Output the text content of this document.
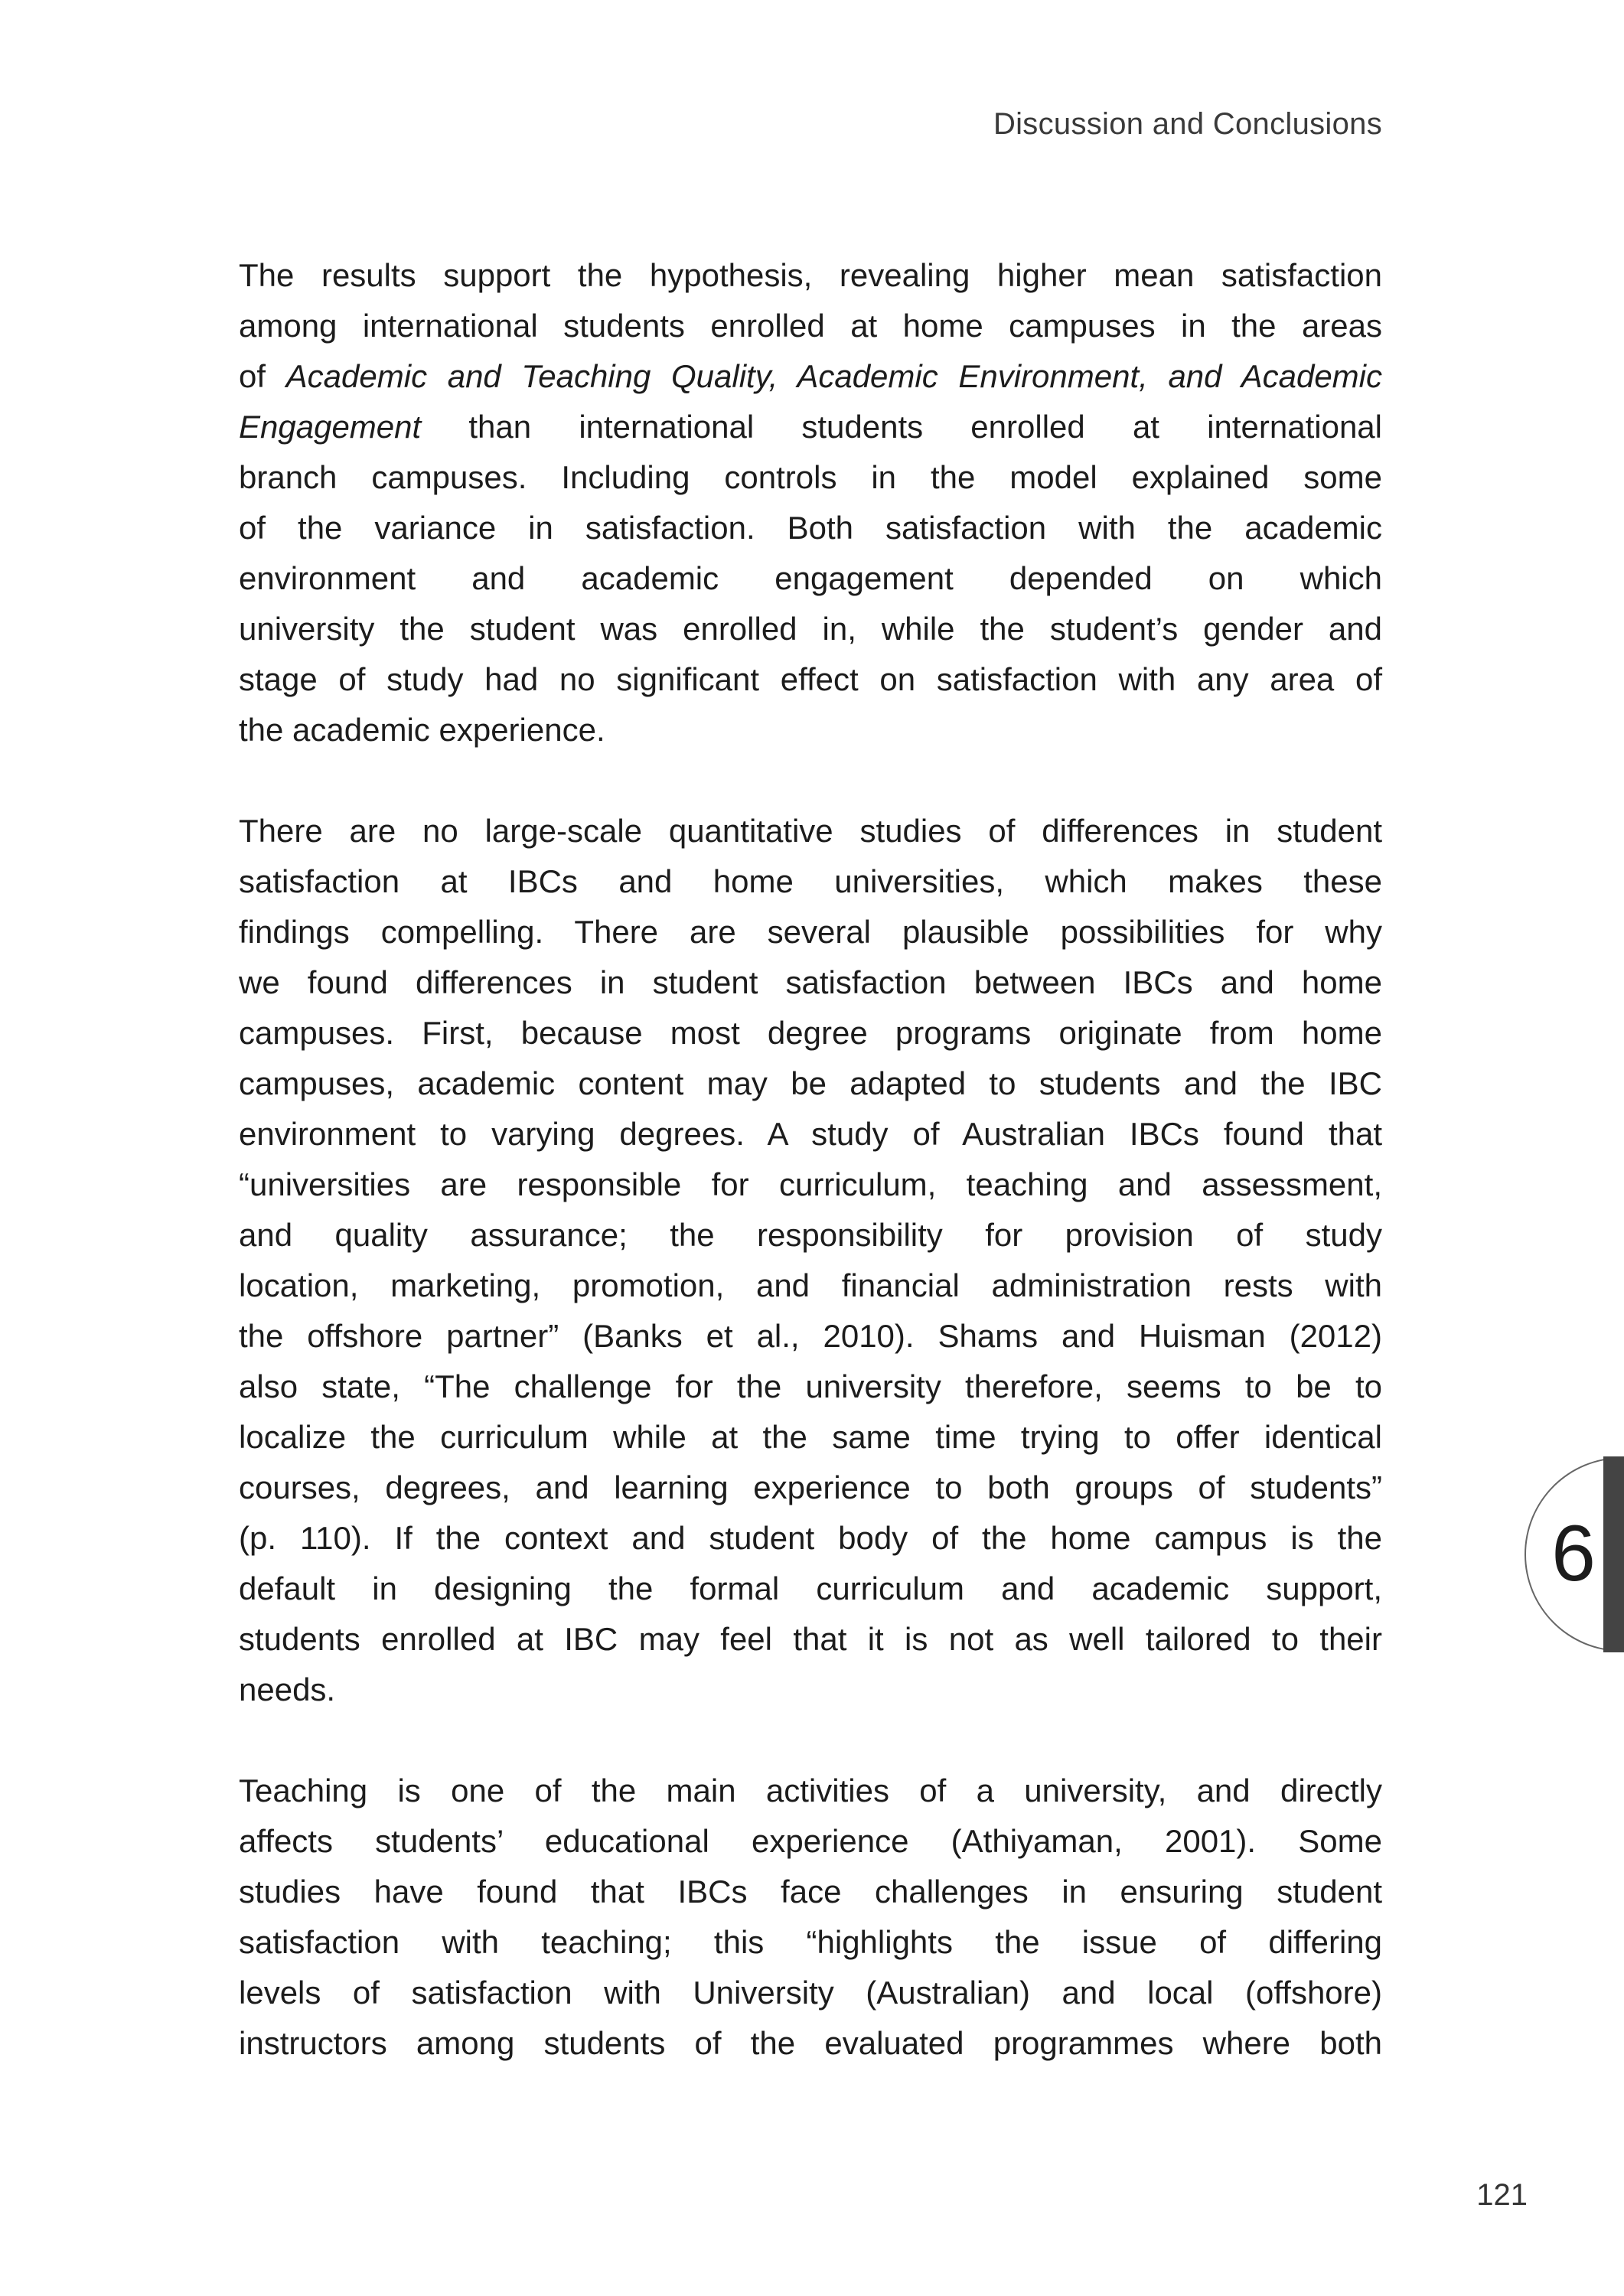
Discussion and Conclusions
The results support the hypothesis, revealing higher mean satisfaction
among international students enrolled at home campuses in the areas
of Academic and Teaching Quality, Academic Environment, and Academic
Engagement than international students enrolled at international
branch campuses. Including controls in the model explained some
of the variance in satisfaction. Both satisfaction with the academic
environment and academic engagement depended on which
university the student was enrolled in, while the student’s gender and
stage of study had no significant effect on satisfaction with any area of
the academic experience.
There are no large-scale quantitative studies of differences in student
satisfaction at IBCs and home universities, which makes these
findings compelling. There are several plausible possibilities for why
we found differences in student satisfaction between IBCs and home
campuses. First, because most degree programs originate from home
campuses, academic content may be adapted to students and the IBC
environment to varying degrees. A study of Australian IBCs found that
“universities are responsible for curriculum, teaching and assessment,
and quality assurance; the responsibility for provision of study
location, marketing, promotion, and financial administration rests with
the offshore partner” (Banks et al., 2010). Shams and Huisman (2012)
also state, “The challenge for the university therefore, seems to be to
localize the curriculum while at the same time trying to offer identical
courses, degrees, and learning experience to both groups of students”
(p. 110). If the context and student body of the home campus is the
default in designing the formal curriculum and academic support,
students enrolled at IBC may feel that it is not as well tailored to their
needs.
Teaching is one of the main activities of a university, and directly
affects students’ educational experience (Athiyaman, 2001). Some
studies have found that IBCs face challenges in ensuring student
satisfaction with teaching; this “highlights the issue of differing
levels of satisfaction with University (Australian) and local (offshore)
instructors among students of the evaluated programmes where both
6
121
